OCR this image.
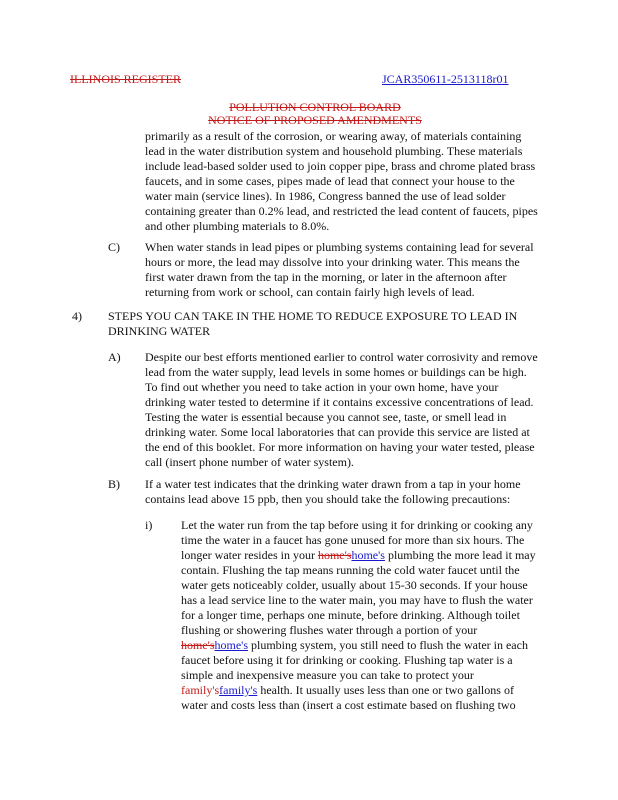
ILLINOIS REGISTER	JCAR350611-2513118r01
POLLUTION CONTROL BOARD
NOTICE OF PROPOSED AMENDMENTS
primarily as a result of the corrosion, or wearing away, of materials containing
lead in the water distribution system and household plumbing. These materials
include lead-based solder used to join copper pipe, brass and chrome plated brass
faucets, and in some cases, pipes made of lead that connect your house to the
water main (service lines). In 1986, Congress banned the use of lead solder
containing greater than 0.2% lead, and restricted the lead content of faucets, pipes
and other plumbing materials to 8.0%.
C) When water stands in lead pipes or plumbing systems containing lead for several
hours or more, the lead may dissolve into your drinking water. This means the
first water drawn from the tap in the morning, or later in the afternoon after
returning from work or school, can contain fairly high levels of lead.
4) STEPS YOU CAN TAKE IN THE HOME TO REDUCE EXPOSURE TO LEAD IN
DRINKING WATER
A) Despite our best efforts mentioned earlier to control water corrosivity and remove
lead from the water supply, lead levels in some homes or buildings can be high.
To find out whether you need to take action in your own home, have your
drinking water tested to determine if it contains excessive concentrations of lead.
Testing the water is essential because you cannot see, taste, or smell lead in
drinking water. Some local laboratories that can provide this service are listed at
the end of this booklet. For more information on having your water tested, please
call (insert phone number of water system).
B) If a water test indicates that the drinking water drawn from a tap in your home
contains lead above 15 ppb, then you should take the following precautions:
i) Let the water run from the tap before using it for drinking or cooking any
time the water in a faucet has gone unused for more than six hours. The
longer water resides in your home'shome's plumbing the more lead it may
contain. Flushing the tap means running the cold water faucet until the
water gets noticeably colder, usually about 15-30 seconds. If your house
has a lead service line to the water main, you may have to flush the water
for a longer time, perhaps one minute, before drinking. Although toilet
flushing or showering flushes water through a portion of your
home'shome's plumbing system, you still need to flush the water in each
faucet before using it for drinking or cooking. Flushing tap water is a
simple and inexpensive measure you can take to protect your
family'sfamily's health. It usually uses less than one or two gallons of
water and costs less than (insert a cost estimate based on flushing two
